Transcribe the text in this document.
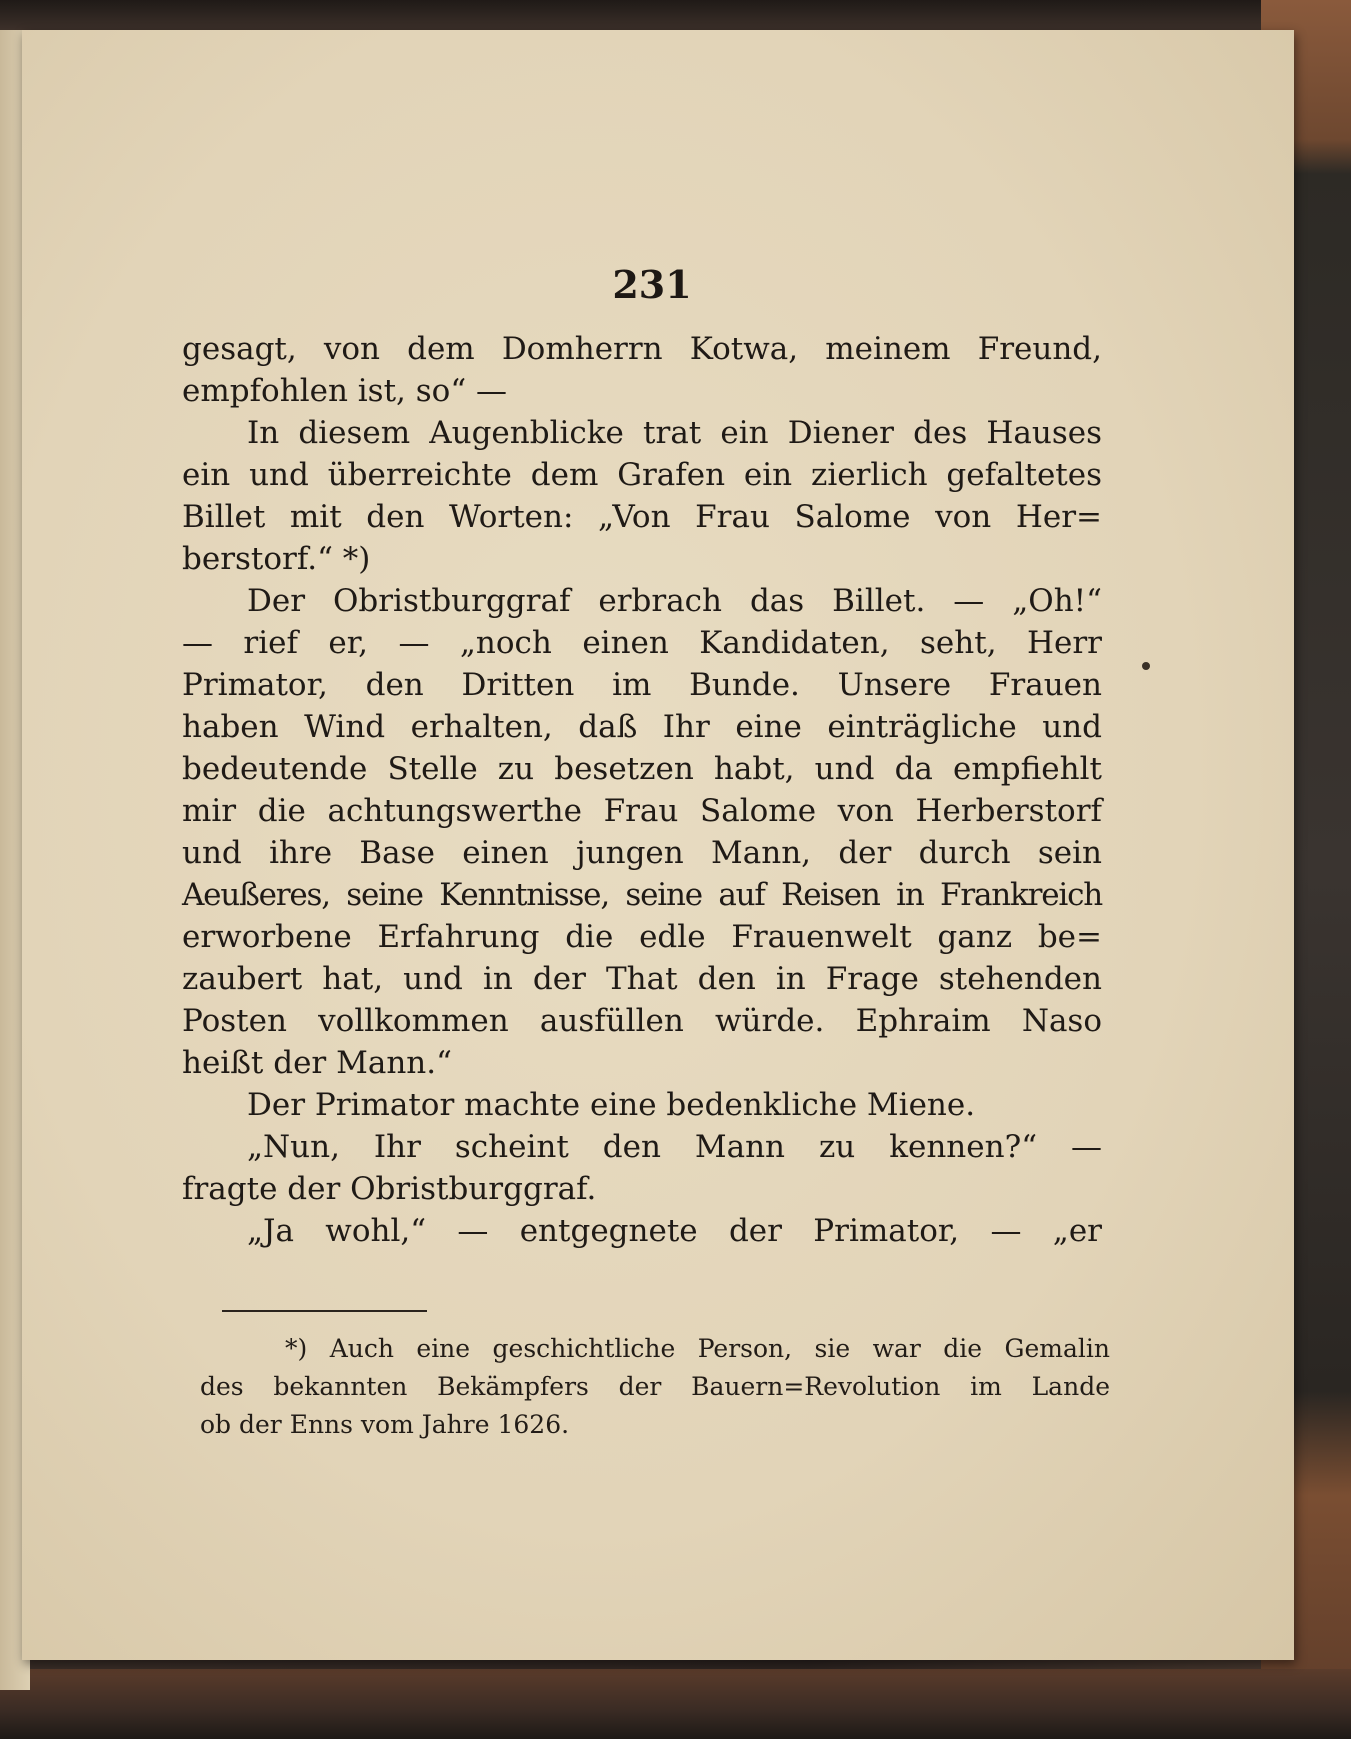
231
gesagt, von dem Domherrn Kotwa, meinem Freund,
empfohlen ist, so“ —
In diesem Augenblicke trat ein Diener des Hauses
ein und überreichte dem Grafen ein zierlich gefaltetes
Billet mit den Worten: „Von Frau Salome von Her=
berstorf.“ *)
Der Obristburggraf erbrach das Billet. — „Oh!“
— rief er, — „noch einen Kandidaten, seht, Herr
Primator, den Dritten im Bunde. Unsere Frauen
haben Wind erhalten, daß Ihr eine einträgliche und
bedeutende Stelle zu besetzen habt, und da empfiehlt
mir die achtungswerthe Frau Salome von Herberstorf
und ihre Base einen jungen Mann, der durch sein
Aeußeres, seine Kenntnisse, seine auf Reisen in Frankreich
erworbene Erfahrung die edle Frauenwelt ganz be=
zaubert hat, und in der That den in Frage stehenden
Posten vollkommen ausfüllen würde. Ephraim Naso
heißt der Mann.“
Der Primator machte eine bedenkliche Miene.
„Nun, Ihr scheint den Mann zu kennen?“ —
fragte der Obristburggraf.
„Ja wohl,“ — entgegnete der Primator, — „er
*) Auch eine geschichtliche Person, sie war die Gemalin
des bekannten Bekämpfers der Bauern=Revolution im Lande
ob der Enns vom Jahre 1626.
